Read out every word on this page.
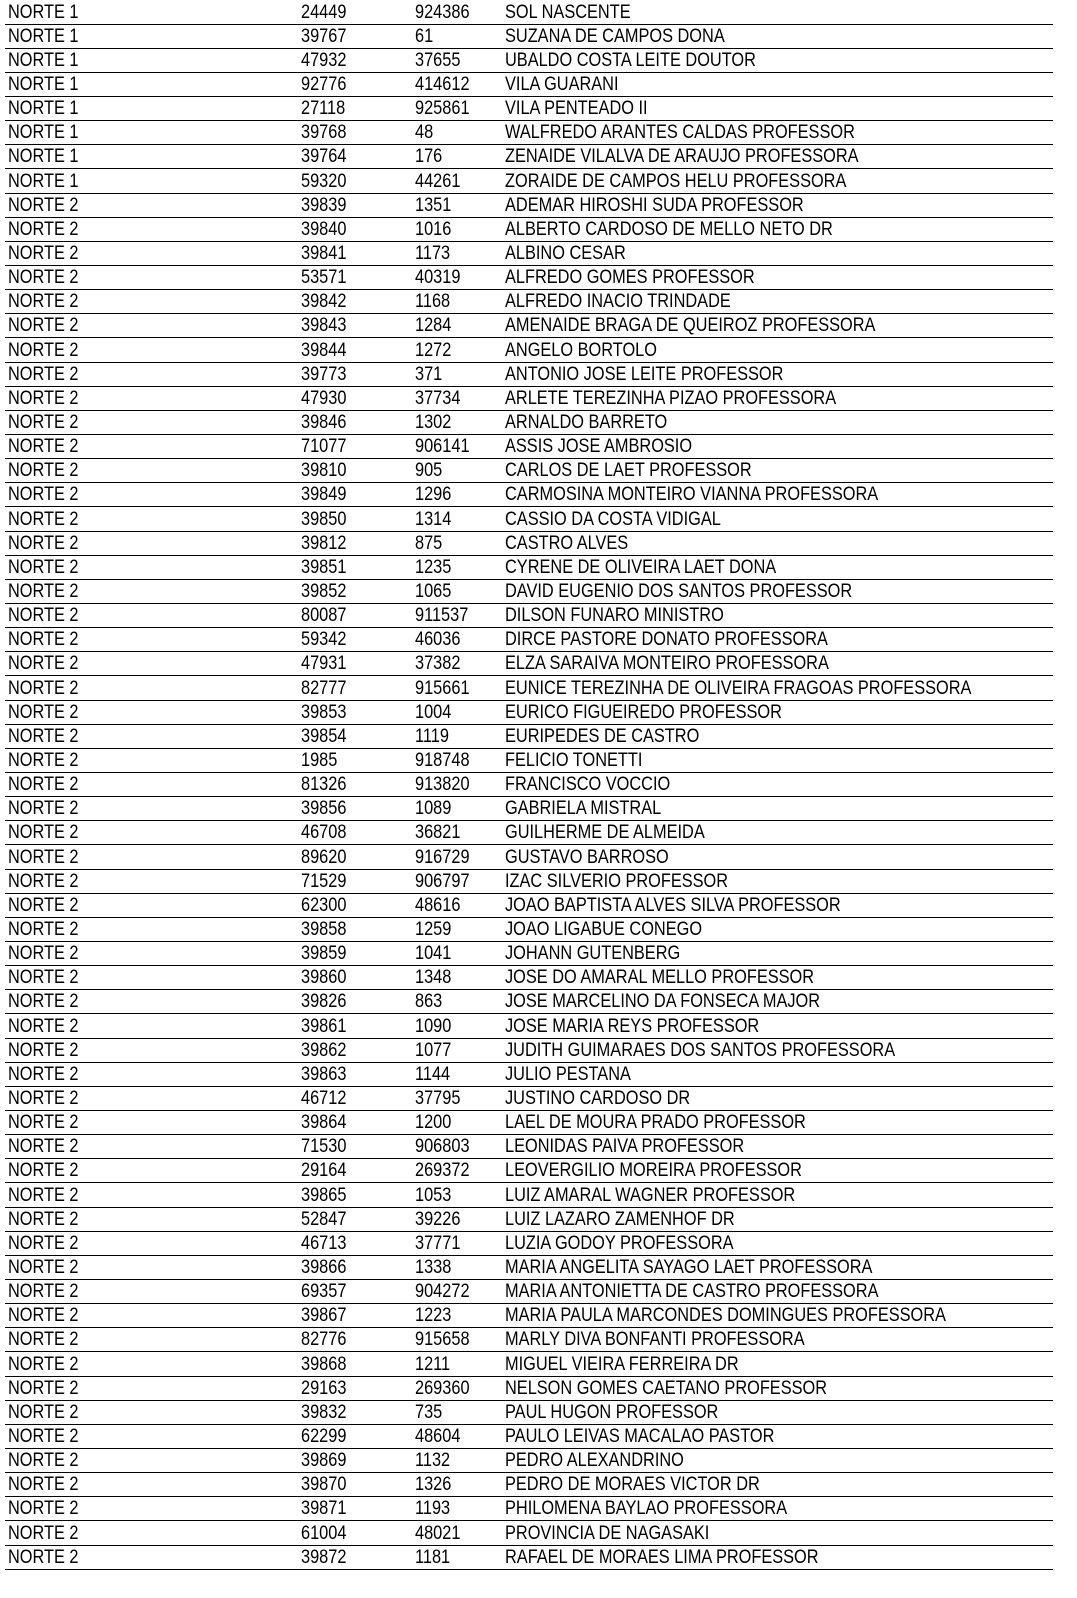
NORTE 1	24449	924386	SOL NASCENTE
NORTE 1	39767	61	SUZANA DE CAMPOS DONA
NORTE 1	47932	37655	UBALDO COSTA LEITE DOUTOR
NORTE 1	92776	414612	VILA GUARANI
NORTE 1	27118	925861	VILA PENTEADO II
NORTE 1	39768	48	WALFREDO ARANTES CALDAS PROFESSOR
NORTE 1	39764	176	ZENAIDE VILALVA DE ARAUJO PROFESSORA
NORTE 1	59320	44261	ZORAIDE DE CAMPOS HELU PROFESSORA
NORTE 2	39839	1351	ADEMAR HIROSHI SUDA PROFESSOR
NORTE 2	39840	1016	ALBERTO CARDOSO DE MELLO NETO DR
NORTE 2	39841	1173	ALBINO CESAR
NORTE 2	53571	40319	ALFREDO GOMES PROFESSOR
NORTE 2	39842	1168	ALFREDO INACIO TRINDADE
NORTE 2	39843	1284	AMENAIDE BRAGA DE QUEIROZ PROFESSORA
NORTE 2	39844	1272	ANGELO BORTOLO
NORTE 2	39773	371	ANTONIO JOSE LEITE PROFESSOR
NORTE 2	47930	37734	ARLETE TEREZINHA PIZAO PROFESSORA
NORTE 2	39846	1302	ARNALDO BARRETO
NORTE 2	71077	906141	ASSIS JOSE AMBROSIO
NORTE 2	39810	905	CARLOS DE LAET PROFESSOR
NORTE 2	39849	1296	CARMOSINA MONTEIRO VIANNA PROFESSORA
NORTE 2	39850	1314	CASSIO DA COSTA VIDIGAL
NORTE 2	39812	875	CASTRO ALVES
NORTE 2	39851	1235	CYRENE DE OLIVEIRA LAET DONA
NORTE 2	39852	1065	DAVID EUGENIO DOS SANTOS PROFESSOR
NORTE 2	80087	911537	DILSON FUNARO MINISTRO
NORTE 2	59342	46036	DIRCE PASTORE DONATO PROFESSORA
NORTE 2	47931	37382	ELZA SARAIVA MONTEIRO PROFESSORA
NORTE 2	82777	915661	EUNICE TEREZINHA DE OLIVEIRA FRAGOAS PROFESSORA
NORTE 2	39853	1004	EURICO FIGUEIREDO PROFESSOR
NORTE 2	39854	1119	EURIPEDES DE CASTRO
NORTE 2	1985	918748	FELICIO TONETTI
NORTE 2	81326	913820	FRANCISCO VOCCIO
NORTE 2	39856	1089	GABRIELA MISTRAL
NORTE 2	46708	36821	GUILHERME DE ALMEIDA
NORTE 2	89620	916729	GUSTAVO BARROSO
NORTE 2	71529	906797	IZAC SILVERIO PROFESSOR
NORTE 2	62300	48616	JOAO BAPTISTA ALVES SILVA PROFESSOR
NORTE 2	39858	1259	JOAO LIGABUE CONEGO
NORTE 2	39859	1041	JOHANN GUTENBERG
NORTE 2	39860	1348	JOSE DO AMARAL MELLO PROFESSOR
NORTE 2	39826	863	JOSE MARCELINO DA FONSECA MAJOR
NORTE 2	39861	1090	JOSE MARIA REYS PROFESSOR
NORTE 2	39862	1077	JUDITH GUIMARAES DOS SANTOS PROFESSORA
NORTE 2	39863	1144	JULIO PESTANA
NORTE 2	46712	37795	JUSTINO CARDOSO DR
NORTE 2	39864	1200	LAEL DE MOURA PRADO PROFESSOR
NORTE 2	71530	906803	LEONIDAS PAIVA PROFESSOR
NORTE 2	29164	269372	LEOVERGILIO MOREIRA PROFESSOR
NORTE 2	39865	1053	LUIZ AMARAL WAGNER PROFESSOR
NORTE 2	52847	39226	LUIZ LAZARO ZAMENHOF DR
NORTE 2	46713	37771	LUZIA GODOY PROFESSORA
NORTE 2	39866	1338	MARIA ANGELITA SAYAGO LAET PROFESSORA
NORTE 2	69357	904272	MARIA ANTONIETTA DE CASTRO PROFESSORA
NORTE 2	39867	1223	MARIA PAULA MARCONDES DOMINGUES PROFESSORA
NORTE 2	82776	915658	MARLY DIVA BONFANTI PROFESSORA
NORTE 2	39868	1211	MIGUEL VIEIRA FERREIRA DR
NORTE 2	29163	269360	NELSON GOMES CAETANO PROFESSOR
NORTE 2	39832	735	PAUL HUGON PROFESSOR
NORTE 2	62299	48604	PAULO LEIVAS MACALAO PASTOR
NORTE 2	39869	1132	PEDRO ALEXANDRINO
NORTE 2	39870	1326	PEDRO DE MORAES VICTOR DR
NORTE 2	39871	1193	PHILOMENA BAYLAO PROFESSORA
NORTE 2	61004	48021	PROVINCIA DE NAGASAKI
NORTE 2	39872	1181	RAFAEL DE MORAES LIMA PROFESSOR
